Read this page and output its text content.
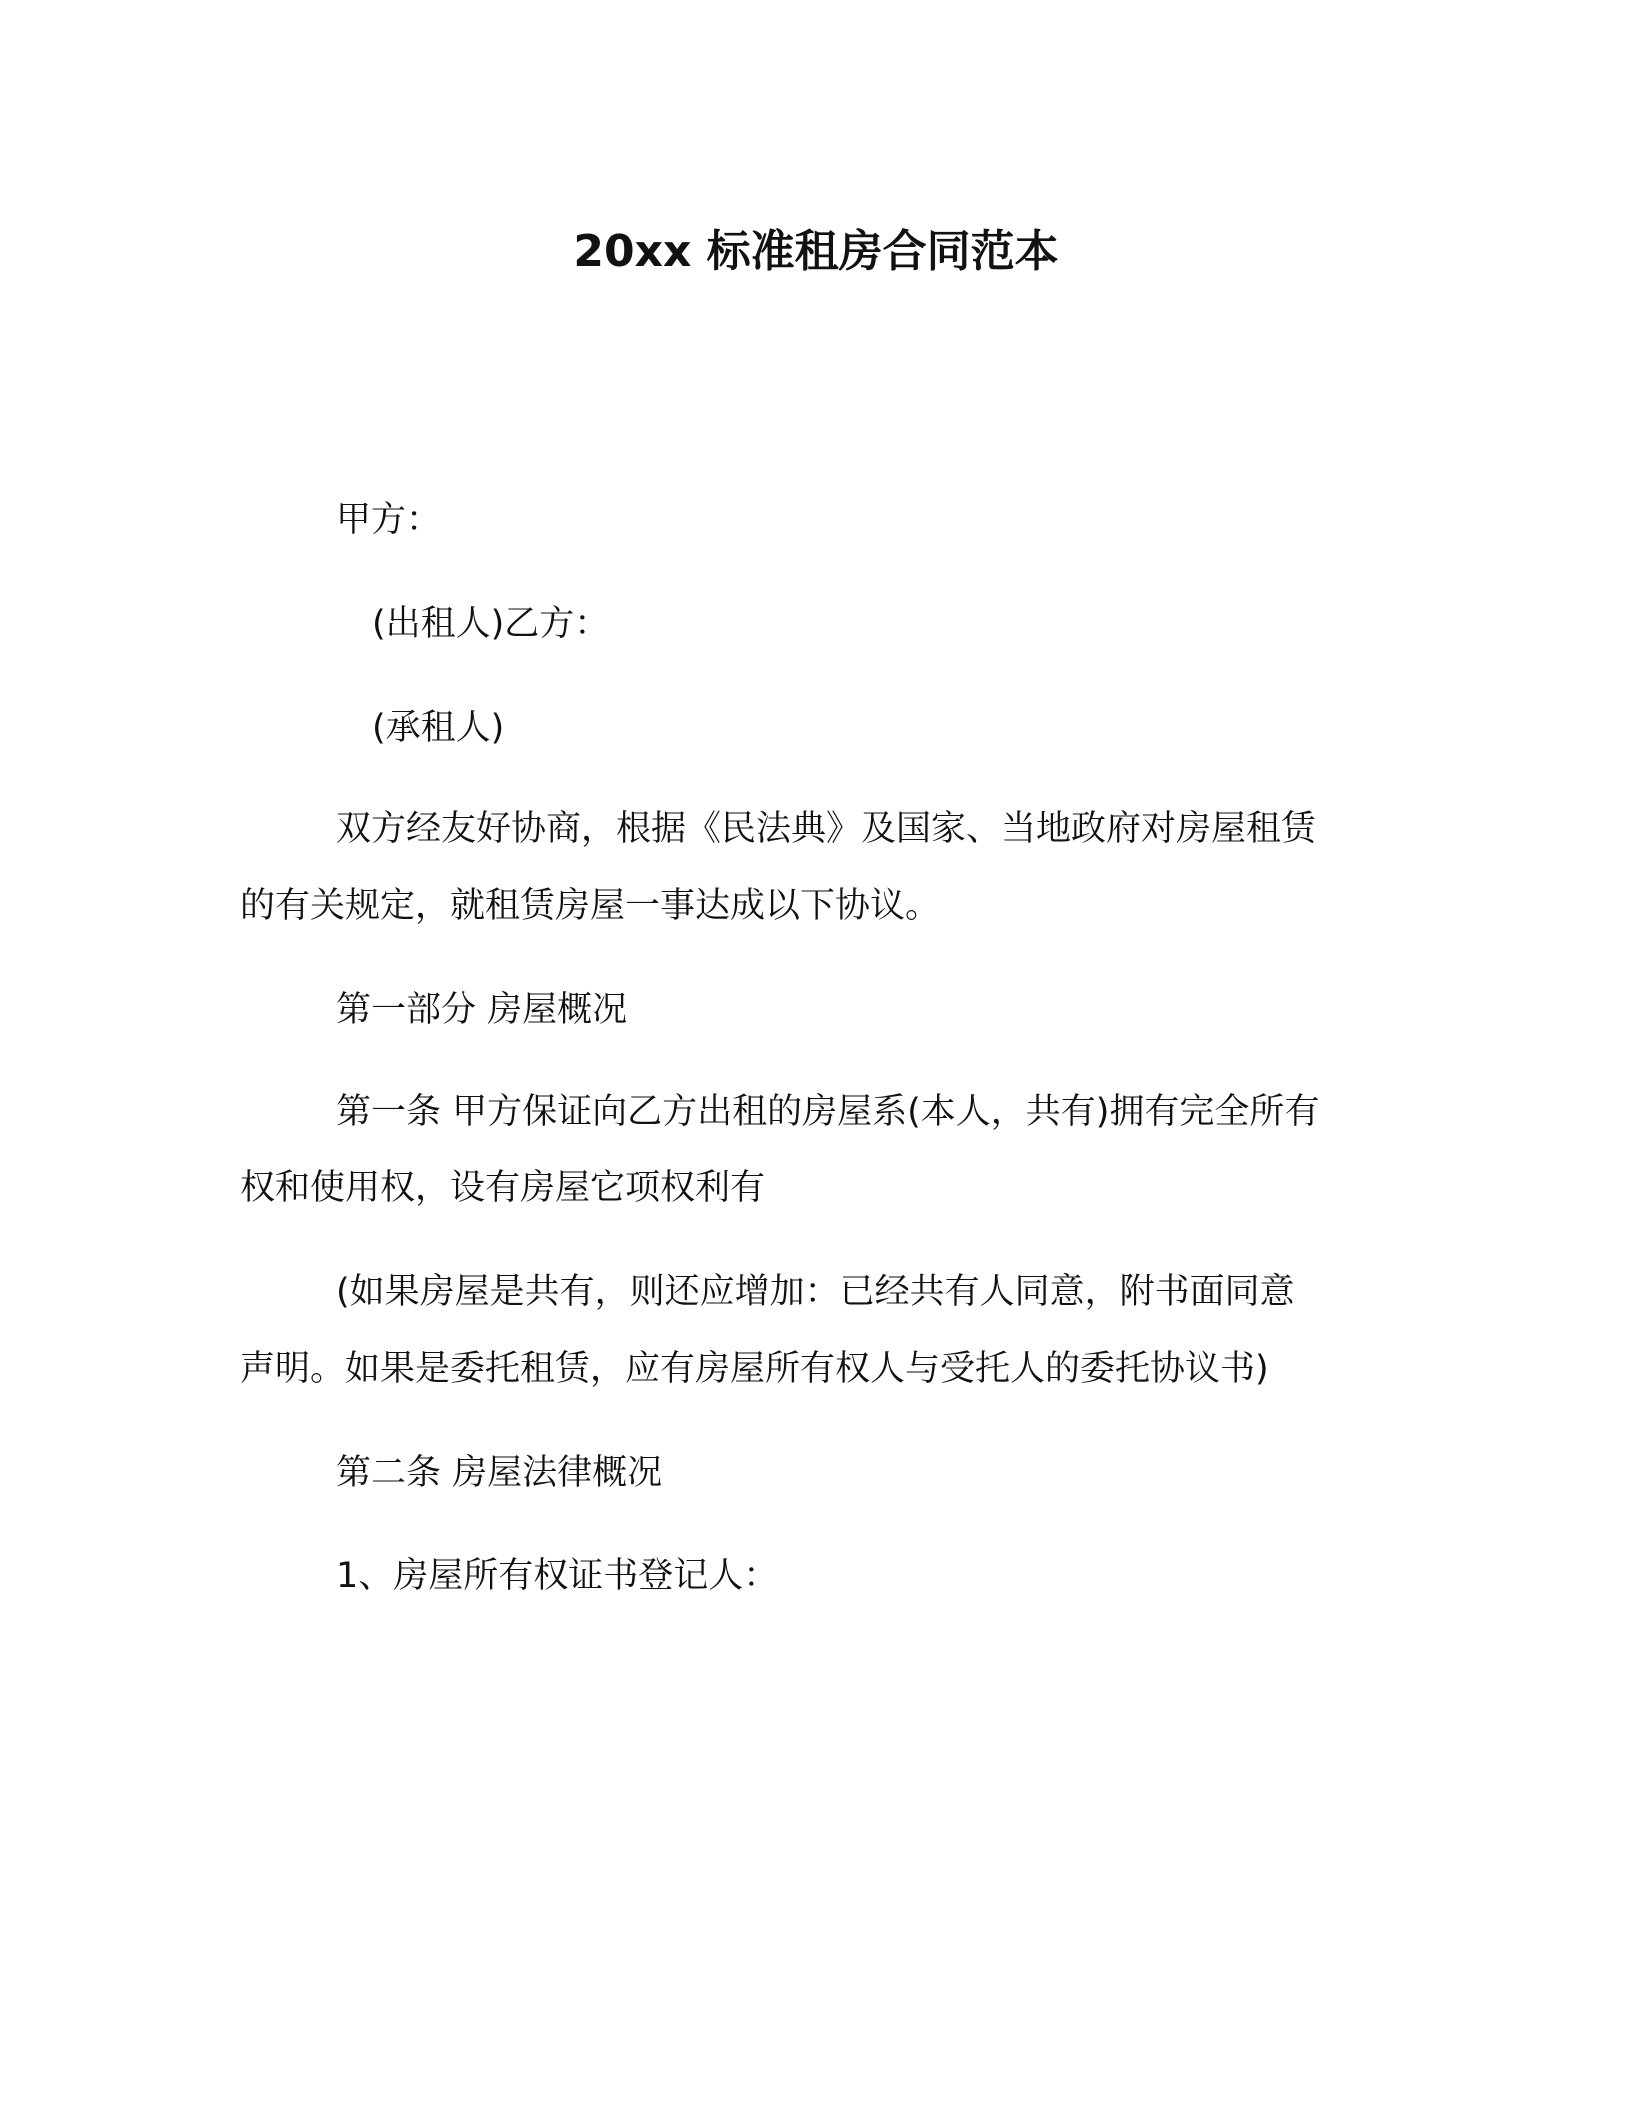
20xx 标准租房合同范本
甲方：
(出租人)乙方：
(承租人)
双方经友好协商，根据《民法典》及国家、当地政府对房屋租赁
的有关规定，就租赁房屋一事达成以下协议。
第一部分 房屋概况
第一条 甲方保证向乙方出租的房屋系(本人，共有)拥有完全所有
权和使用权，设有房屋它项权利有
(如果房屋是共有，则还应增加：已经共有人同意，附书面同意
声明。如果是委托租赁，应有房屋所有权人与受托人的委托协议书)
第二条 房屋法律概况
1、房屋所有权证书登记人：
